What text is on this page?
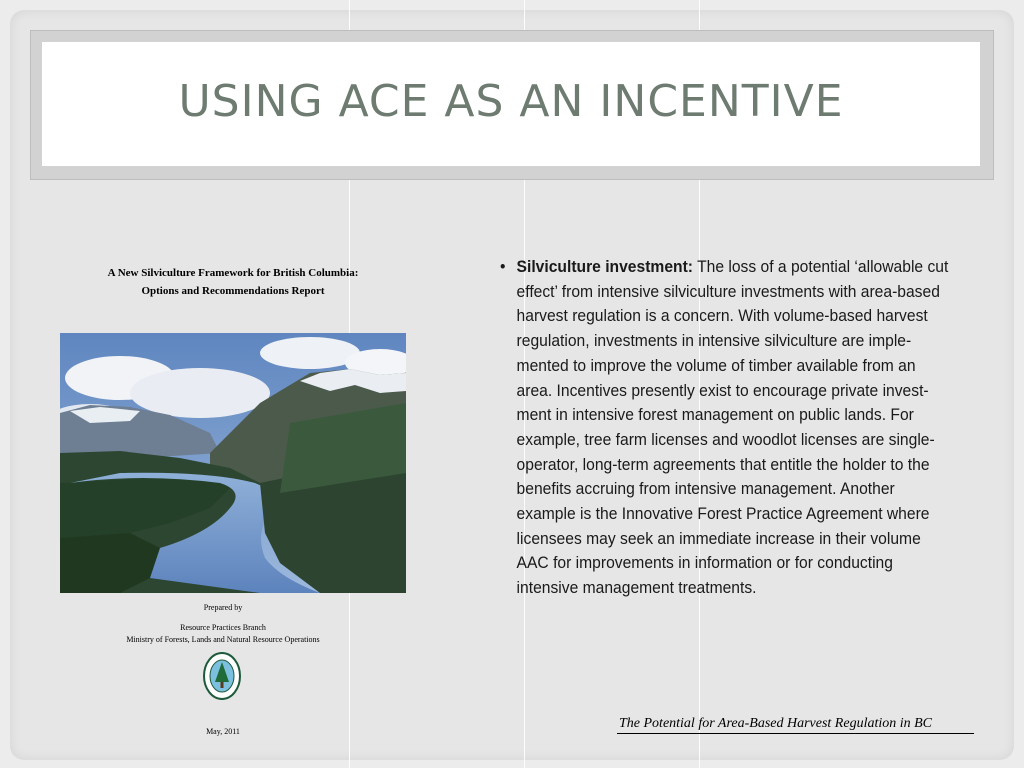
USING ACE AS AN INCENTIVE
A New Silviculture Framework for British Columbia:
Options and Recommendations Report
Prepared by
Resource Practices Branch
Ministry of Forests, Lands and Natural Resource Operations
May, 2011
• Silviculture investment: The loss of a potential ‘allowable cut
effect’ from intensive silviculture investments with area-based
harvest regulation is a concern. With volume-based harvest
regulation, investments in intensive silviculture are imple-
mented to improve the volume of timber available from an
area. Incentives presently exist to encourage private invest-
ment in intensive forest management on public lands. For
example, tree farm licenses and woodlot licenses are single-
operator, long-term agreements that entitle the holder to the
benefits accruing from intensive management. Another
example is the Innovative Forest Practice Agreement where
licensees may seek an immediate increase in their volume
AAC for improvements in information or for conducting
intensive management treatments.
The Potential for Area-Based Harvest Regulation in BC
